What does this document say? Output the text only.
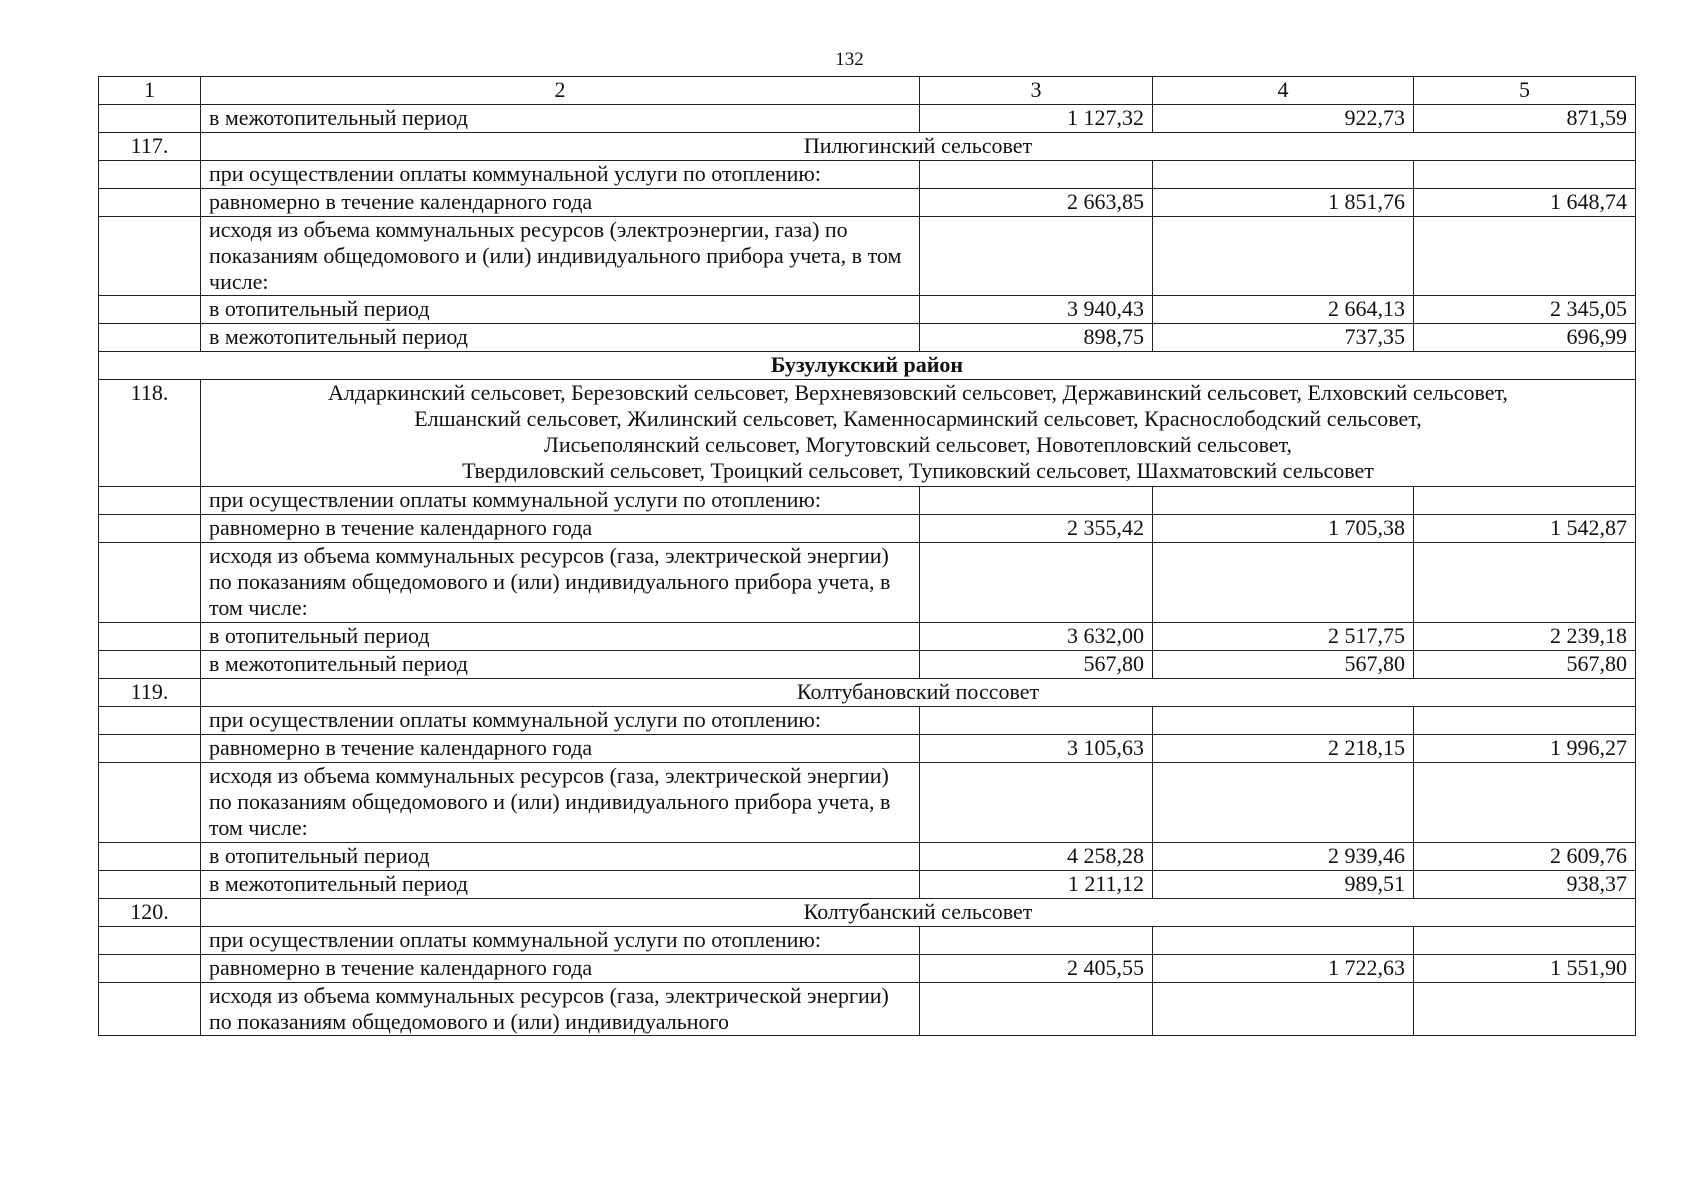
132
1	2	3	4	5
	в межотопительный период	1 127,32	922,73	871,59
117.	Пилюгинский сельсовет			
	при осуществлении оплаты коммунальной услуги по отоплению:			
	равномерно в течение календарного года	2 663,85	1 851,76	1 648,74
	исходя из объема коммунальных ресурсов (электроэнергии, газа) по показаниям общедомового и (или) индивидуального прибора учета, в том числе:			
	в отопительный период	3 940,43	2 664,13	2 345,05
	в межотопительный период	898,75	737,35	696,99
Бузулукский район				
118.	Алдаркинский сельсовет, Березовский сельсовет, Верхневязовский сельсовет, Державинский сельсовет, Елховский сельсовет,
Елшанский сельсовет, Жилинский сельсовет, Каменносарминский сельсовет, Краснослободский сельсовет,
Лисьеполянский сельсовет, Могутовский сельсовет, Новотепловский сельсовет,
Твердиловский сельсовет, Троицкий сельсовет, Тупиковский сельсовет, Шахматовский сельсовет			

	при осуществлении оплаты коммунальной услуги по отоплению:			
	равномерно в течение календарного года	2 355,42	1 705,38	1 542,87
	исходя из объема коммунальных ресурсов (газа, электрической энергии) по показаниям общедомового и (или) индивидуального прибора учета, в том числе:			
	в отопительный период	3 632,00	2 517,75	2 239,18
	в межотопительный период	567,80	567,80	567,80
119.	Колтубановский поссовет			
	при осуществлении оплаты коммунальной услуги по отоплению:			
	равномерно в течение календарного года	3 105,63	2 218,15	1 996,27
	исходя из объема коммунальных ресурсов (газа, электрической энергии) по показаниям общедомового и (или) индивидуального прибора учета, в том числе:			
	в отопительный период	4 258,28	2 939,46	2 609,76
	в межотопительный период	1 211,12	989,51	938,37
120.	Колтубанский сельсовет			
	при осуществлении оплаты коммунальной услуги по отоплению:			
	равномерно в течение календарного года	2 405,55	1 722,63	1 551,90
	исходя из объема коммунальных ресурсов (газа, электрической энергии) по показаниям общедомового и (или) индивидуального			
